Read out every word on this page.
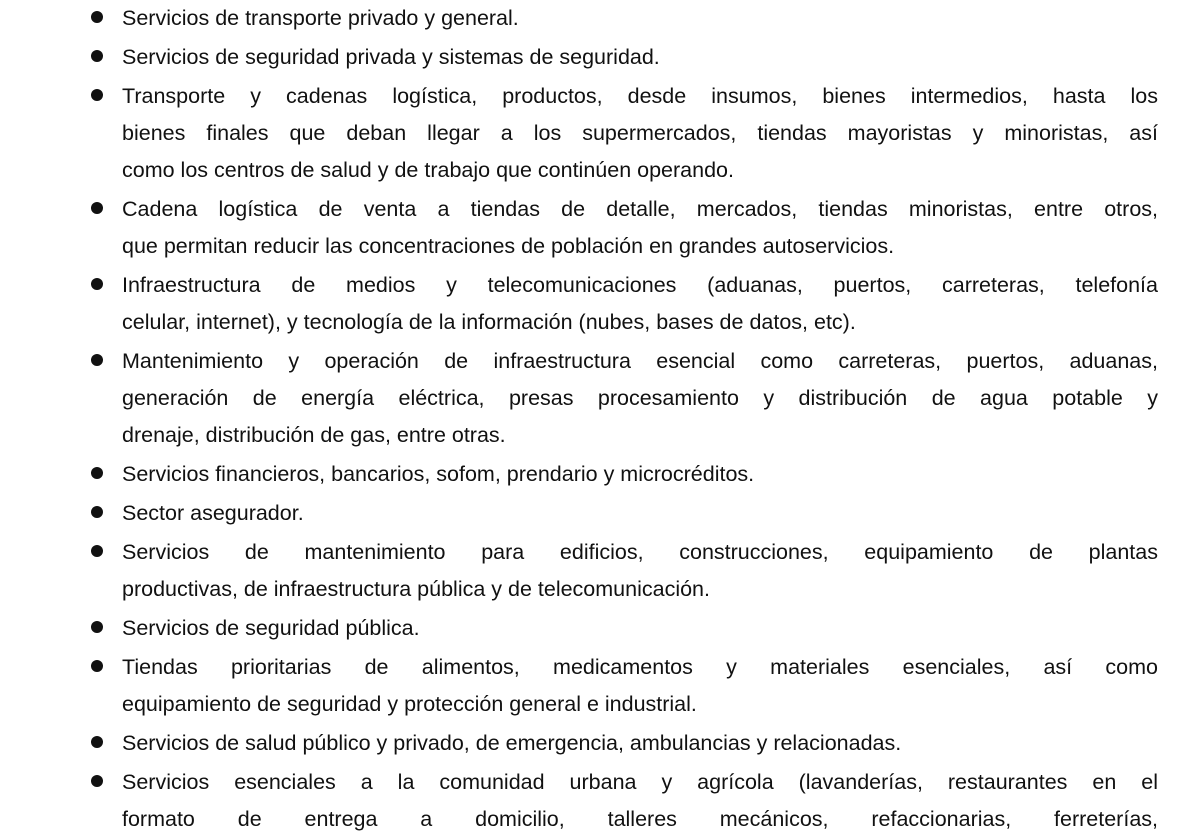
Servicios de transporte privado y general.
Servicios de seguridad privada y sistemas de seguridad.
Transporte y cadenas logística, productos, desde insumos, bienes intermedios, hasta los
bienes finales que deban llegar a los supermercados, tiendas mayoristas y minoristas, así
como los centros de salud y de trabajo que continúen operando.
Cadena logística de venta a tiendas de detalle, mercados, tiendas minoristas, entre otros,
que permitan reducir las concentraciones de población en grandes autoservicios.
Infraestructura de medios y telecomunicaciones (aduanas, puertos, carreteras, telefonía
celular, internet), y tecnología de la información (nubes, bases de datos, etc).
Mantenimiento y operación de infraestructura esencial como carreteras, puertos, aduanas,
generación de energía eléctrica, presas procesamiento y distribución de agua potable y
drenaje, distribución de gas, entre otras.
Servicios financieros, bancarios, sofom, prendario y microcréditos.
Sector asegurador.
Servicios de mantenimiento para edificios, construcciones, equipamiento de plantas
productivas, de infraestructura pública y de telecomunicación.
Servicios de seguridad pública.
Tiendas prioritarias de alimentos, medicamentos y materiales esenciales, así como
equipamiento de seguridad y protección general e industrial.
Servicios de salud público y privado, de emergencia, ambulancias y relacionadas.
Servicios esenciales a la comunidad urbana y agrícola (lavanderías, restaurantes en el
formato de entrega a domicilio, talleres mecánicos, refaccionarias, ferreterías,
